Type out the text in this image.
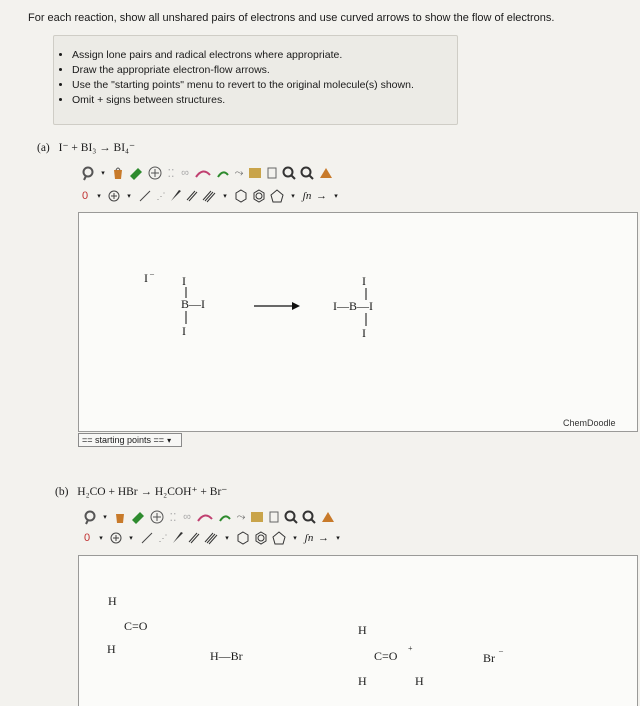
For each reaction, show all unshared pairs of electrons and use curved arrows to show the flow of electrons.
• Assign lone pairs and radical electrons where appropriate.
• Draw the appropriate electron-flow arrows.
• Use the "starting points" menu to revert to the original molecule(s) shown.
• Omit + signs between structures.
(a) I⁻ + BI₃ → BI₄⁻
▾	⁚⁚ ∞	⤳
0	▾	▾	⋰	▾	▾ ʃn →	▾
I –
I
B—I
I
I
I—B—I
I
ChemDoodle
== starting points == ▾
(b) H₂CO + HBr → H₂COH⁺ + Br⁻
▾	⁚⁚ ∞	⤳
0	▾	▾	⋰	▾	▾ ʃn →	▾
H
C=O
H	H—Br
H
C=O
+
H	H
Br
–
